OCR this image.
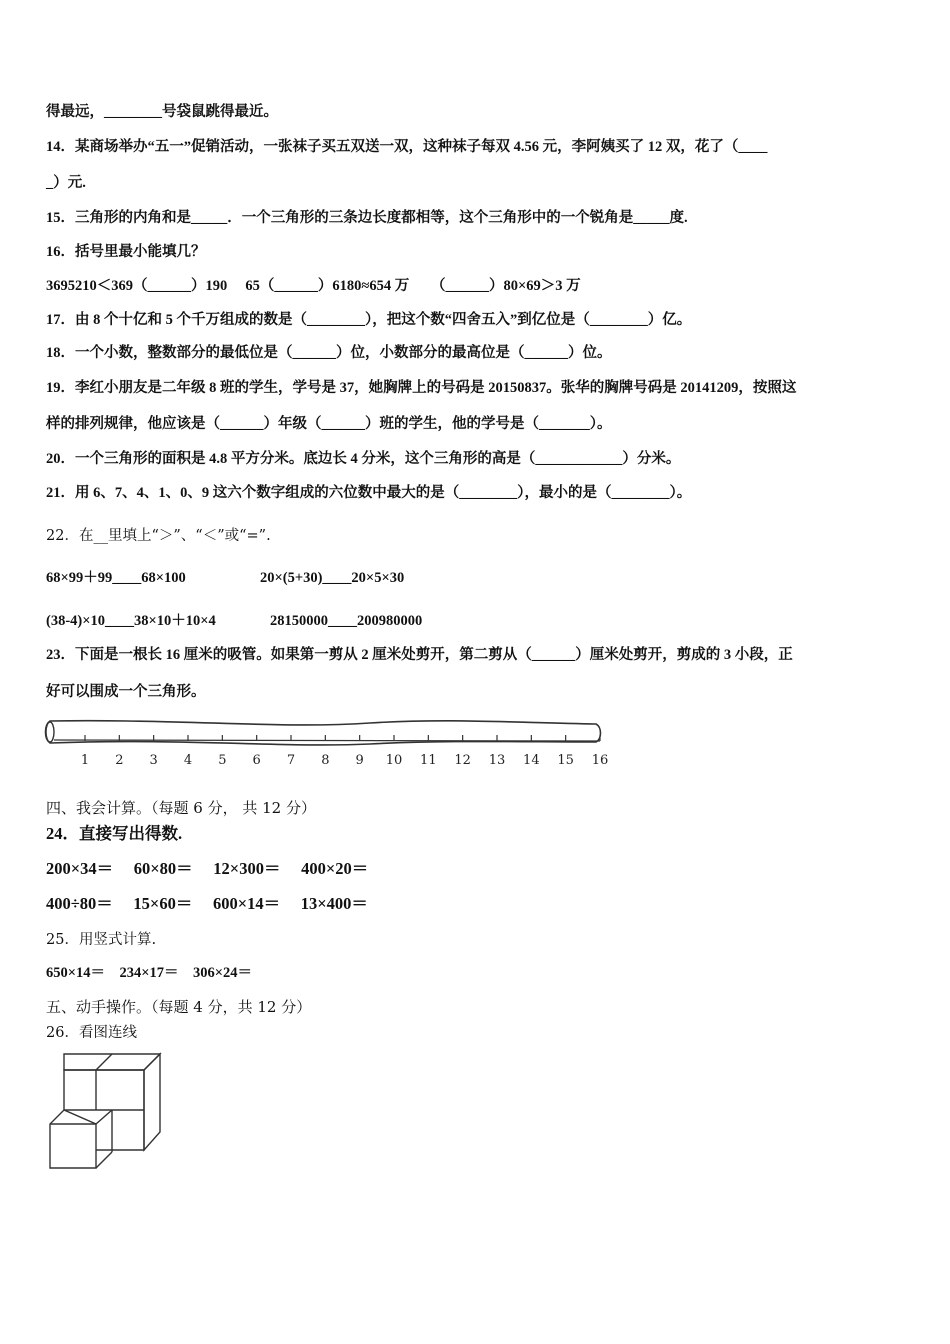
得最远，________号袋鼠跳得最近。
14．某商场举办“五一”促销活动，一张袜子买五双送一双，这种袜子每双 4.56 元，李阿姨买了 12 双，花了（____
_）元.
15．三角形的内角和是_____．一个三角形的三条边长度都相等，这个三角形中的一个锐角是_____度.
16．括号里最小能填几？
3695210＜369（______）190　 65（______）6180≈654 万　　（______）80×69＞3 万
17．由 8 个十亿和 5 个千万组成的数是（________），把这个数“四舍五入”到亿位是（________）亿。
18．一个小数，整数部分的最低位是（______）位，小数部分的最高位是（______）位。
19．李红小朋友是二年级 8 班的学生，学号是 37，她胸牌上的号码是 20150837。张华的胸牌号码是 20141209，按照这
样的排列规律，他应该是（______）年级（______）班的学生，他的学号是（_______）。
20．一个三角形的面积是 4.8 平方分米。底边长 4 分米，这个三角形的高是（____________）分米。
21．用 6、7、4、1、0、9 这六个数字组成的六位数中最大的是（________），最小的是（________）。
22．在__里填上“＞”、“＜”或“=”.
68×99＋99____68×100	20×(5+30)____20×5×30
(38-4)×10____38×10＋10×4	28150000____200980000
23．下面是一根长 16 厘米的吸管。如果第一剪从 2 厘米处剪开，第二剪从（______）厘米处剪开，剪成的 3 小段，正
好可以围成一个三角形。
1 2 3 4 5 6 7 8 9 10 11 12 13 14 15 16
四、我会计算。（每题 6 分， 共 12 分）
24．直接写出得数.
200×34＝　 60×80＝　 12×300＝　 400×20＝
400÷80＝　 15×60＝　 600×14＝　 13×400＝
25．用竖式计算.
650×14＝　234×17＝　306×24＝
五、动手操作。（每题 4 分，共 12 分）
26．看图连线
